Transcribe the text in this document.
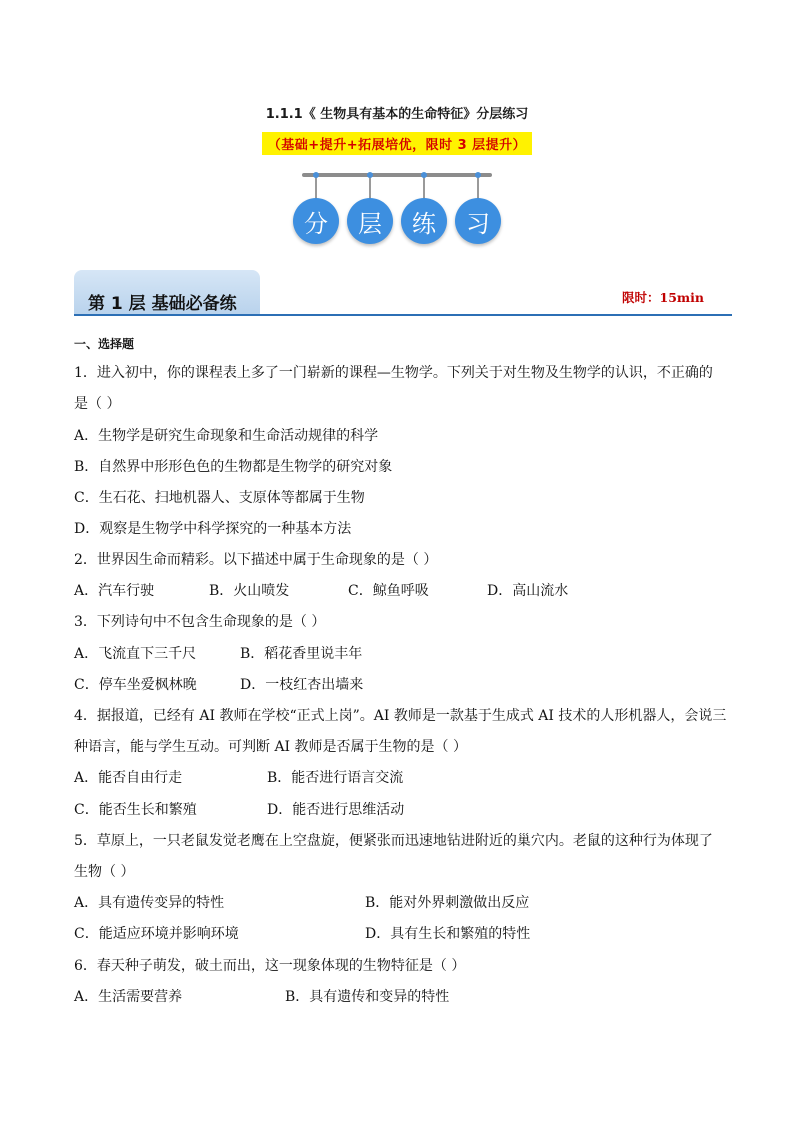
1.1.1《 生物具有基本的生命特征》分层练习
（基础+提升+拓展培优，限时 3 层提升）
分	层	练	习
第 1 层 基础必备练	限时：15min
一、选择题
1．进入初中，你的课程表上多了一门崭新的课程—生物学。下列关于对生物及生物学的认识，不正确的
是（ ）
A．生物学是研究生命现象和生命活动规律的科学
B．自然界中形形色色的生物都是生物学的研究对象
C．生石花、扫地机器人、支原体等都属于生物
D．观察是生物学中科学探究的一种基本方法
2．世界因生命而精彩。以下描述中属于生命现象的是（ ）
A．汽车行驶	B．火山喷发	C．鲸鱼呼吸	D．高山流水
3．下列诗句中不包含生命现象的是（ ）
A．飞流直下三千尺	B．稻花香里说丰年
C．停车坐爱枫林晚	D．一枝红杏出墙来
4．据报道，已经有 AI 教师在学校“正式上岗”。AI 教师是一款基于生成式 AI 技术的人形机器人，会说三
种语言，能与学生互动。可判断 AI 教师是否属于生物的是（ ）
A．能否自由行走	B．能否进行语言交流
C．能否生长和繁殖	D．能否进行思维活动
5．草原上，一只老鼠发觉老鹰在上空盘旋，便紧张而迅速地钻进附近的巢穴内。老鼠的这种行为体现了
生物（ ）
A．具有遗传变异的特性	B．能对外界刺激做出反应
C．能适应环境并影响环境	D．具有生长和繁殖的特性
6．春天种子萌发，破土而出，这一现象体现的生物特征是（ ）
A．生活需要营养	B．具有遗传和变异的特性
